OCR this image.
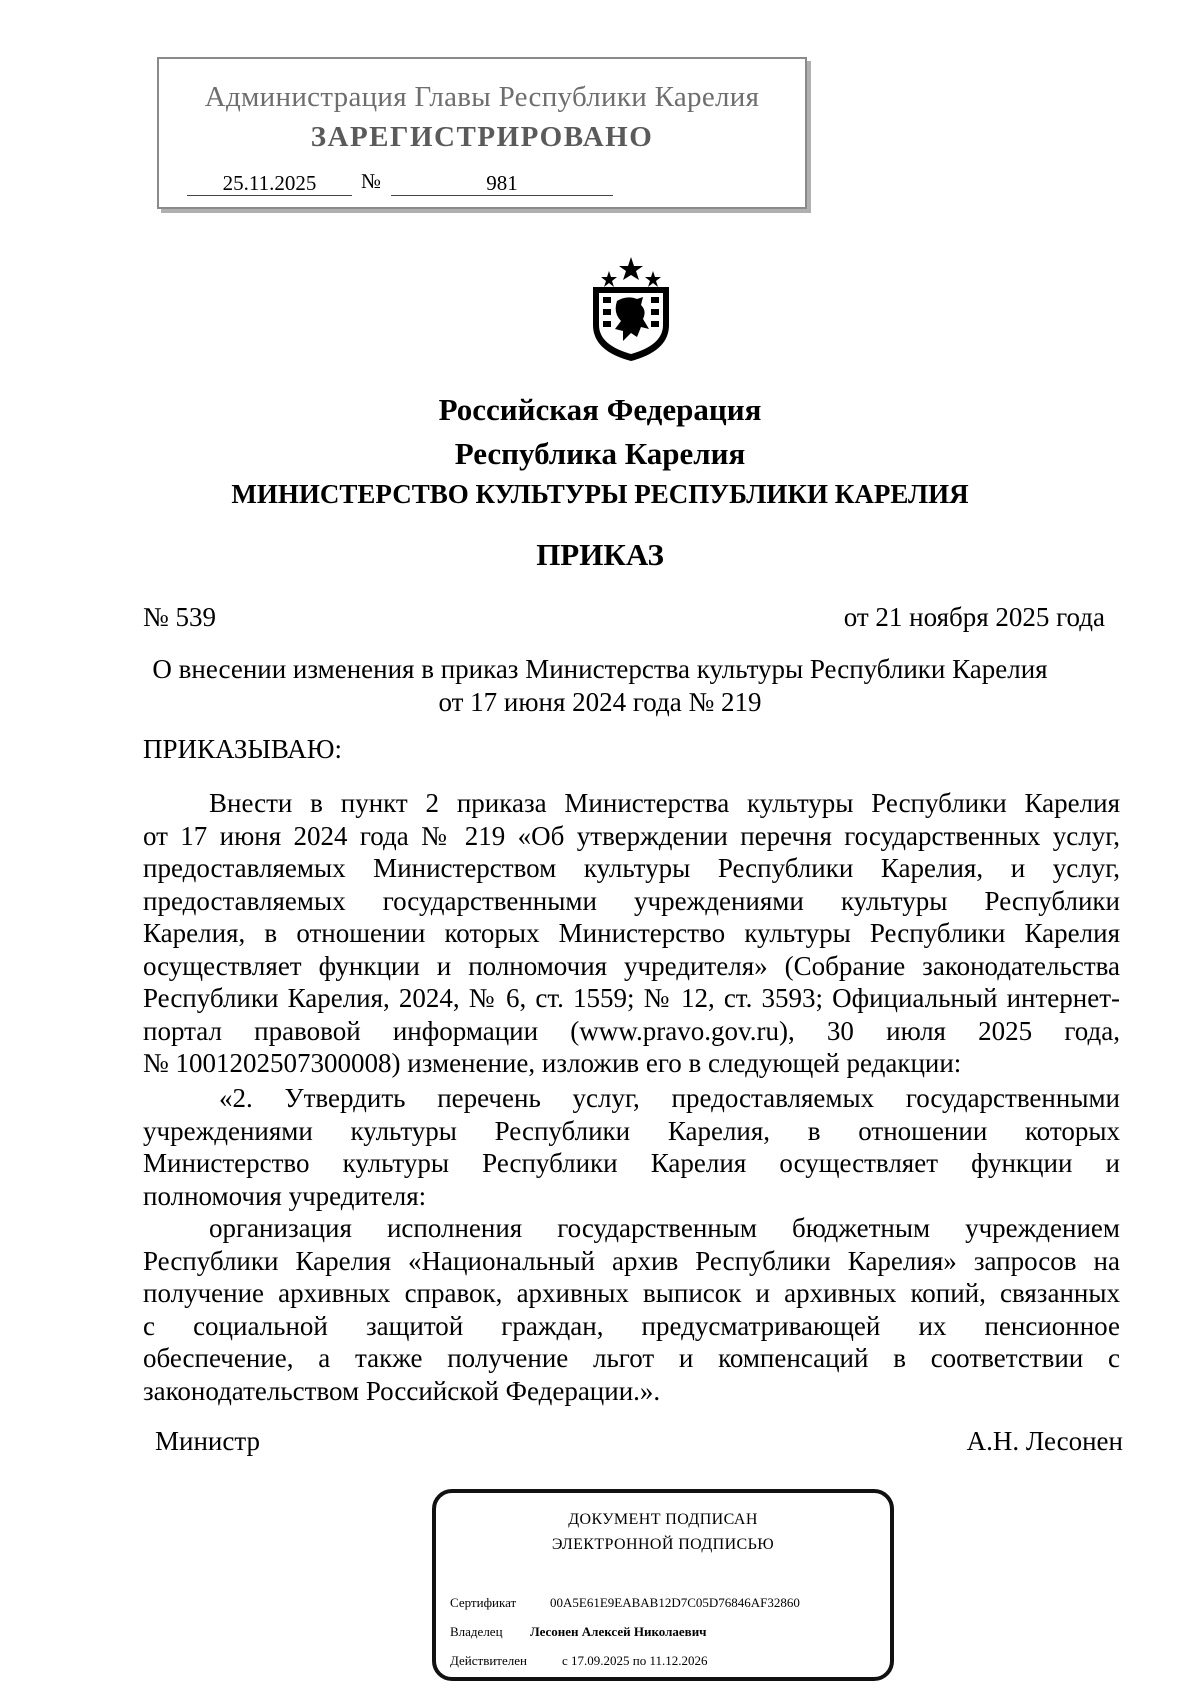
Администрация Главы Республики Карелия
ЗАРЕГИСТРИРОВАНО
25.11.2025	№	981
Российская Федерация
Республика Карелия
МИНИСТЕРСТВО КУЛЬТУРЫ РЕСПУБЛИКИ КАРЕЛИЯ
ПРИКАЗ
№ 539	от 21 ноября 2025 года
О внесении изменения в приказ Министерства культуры Республики Карелия
от 17 июня 2024 года № 219
ПРИКАЗЫВАЮ:
Внести в пункт 2 приказа Министерства культуры Республики Карелия
от 17 июня 2024 года № 219 «Об утверждении перечня государственных услуг,
предоставляемых Министерством культуры Республики Карелия, и услуг,
предоставляемых государственными учреждениями культуры Республики
Карелия, в отношении которых Министерство культуры Республики Карелия
осуществляет функции и полномочия учредителя» (Собрание законодательства
Республики Карелия, 2024, № 6, ст. 1559; № 12, ст. 3593; Официальный интернет-
портал правовой информации (www.pravo.gov.ru), 30 июля 2025 года,
№ 1001202507300008) изменение, изложив его в следующей редакции:
«2. Утвердить перечень услуг, предоставляемых государственными
учреждениями культуры Республики Карелия, в отношении которых
Министерство культуры Республики Карелия осуществляет функции и
полномочия учредителя:
организация исполнения государственным бюджетным учреждением
Республики Карелия «Национальный архив Республики Карелия» запросов на
получение архивных справок, архивных выписок и архивных копий, связанных
с социальной защитой граждан, предусматривающей их пенсионное
обеспечение, а также получение льгот и компенсаций в соответствии с
законодательством Российской Федерации.».
Министр	А.Н. Лесонен
ДОКУМЕНТ ПОДПИСАН
ЭЛЕКТРОННОЙ ПОДПИСЬЮ
Сертификат	00A5E61E9EABAB12D7C05D76846AF32860
Владелец Лесонен Алексей Николаевич
Действителен	с 17.09.2025 по 11.12.2026
